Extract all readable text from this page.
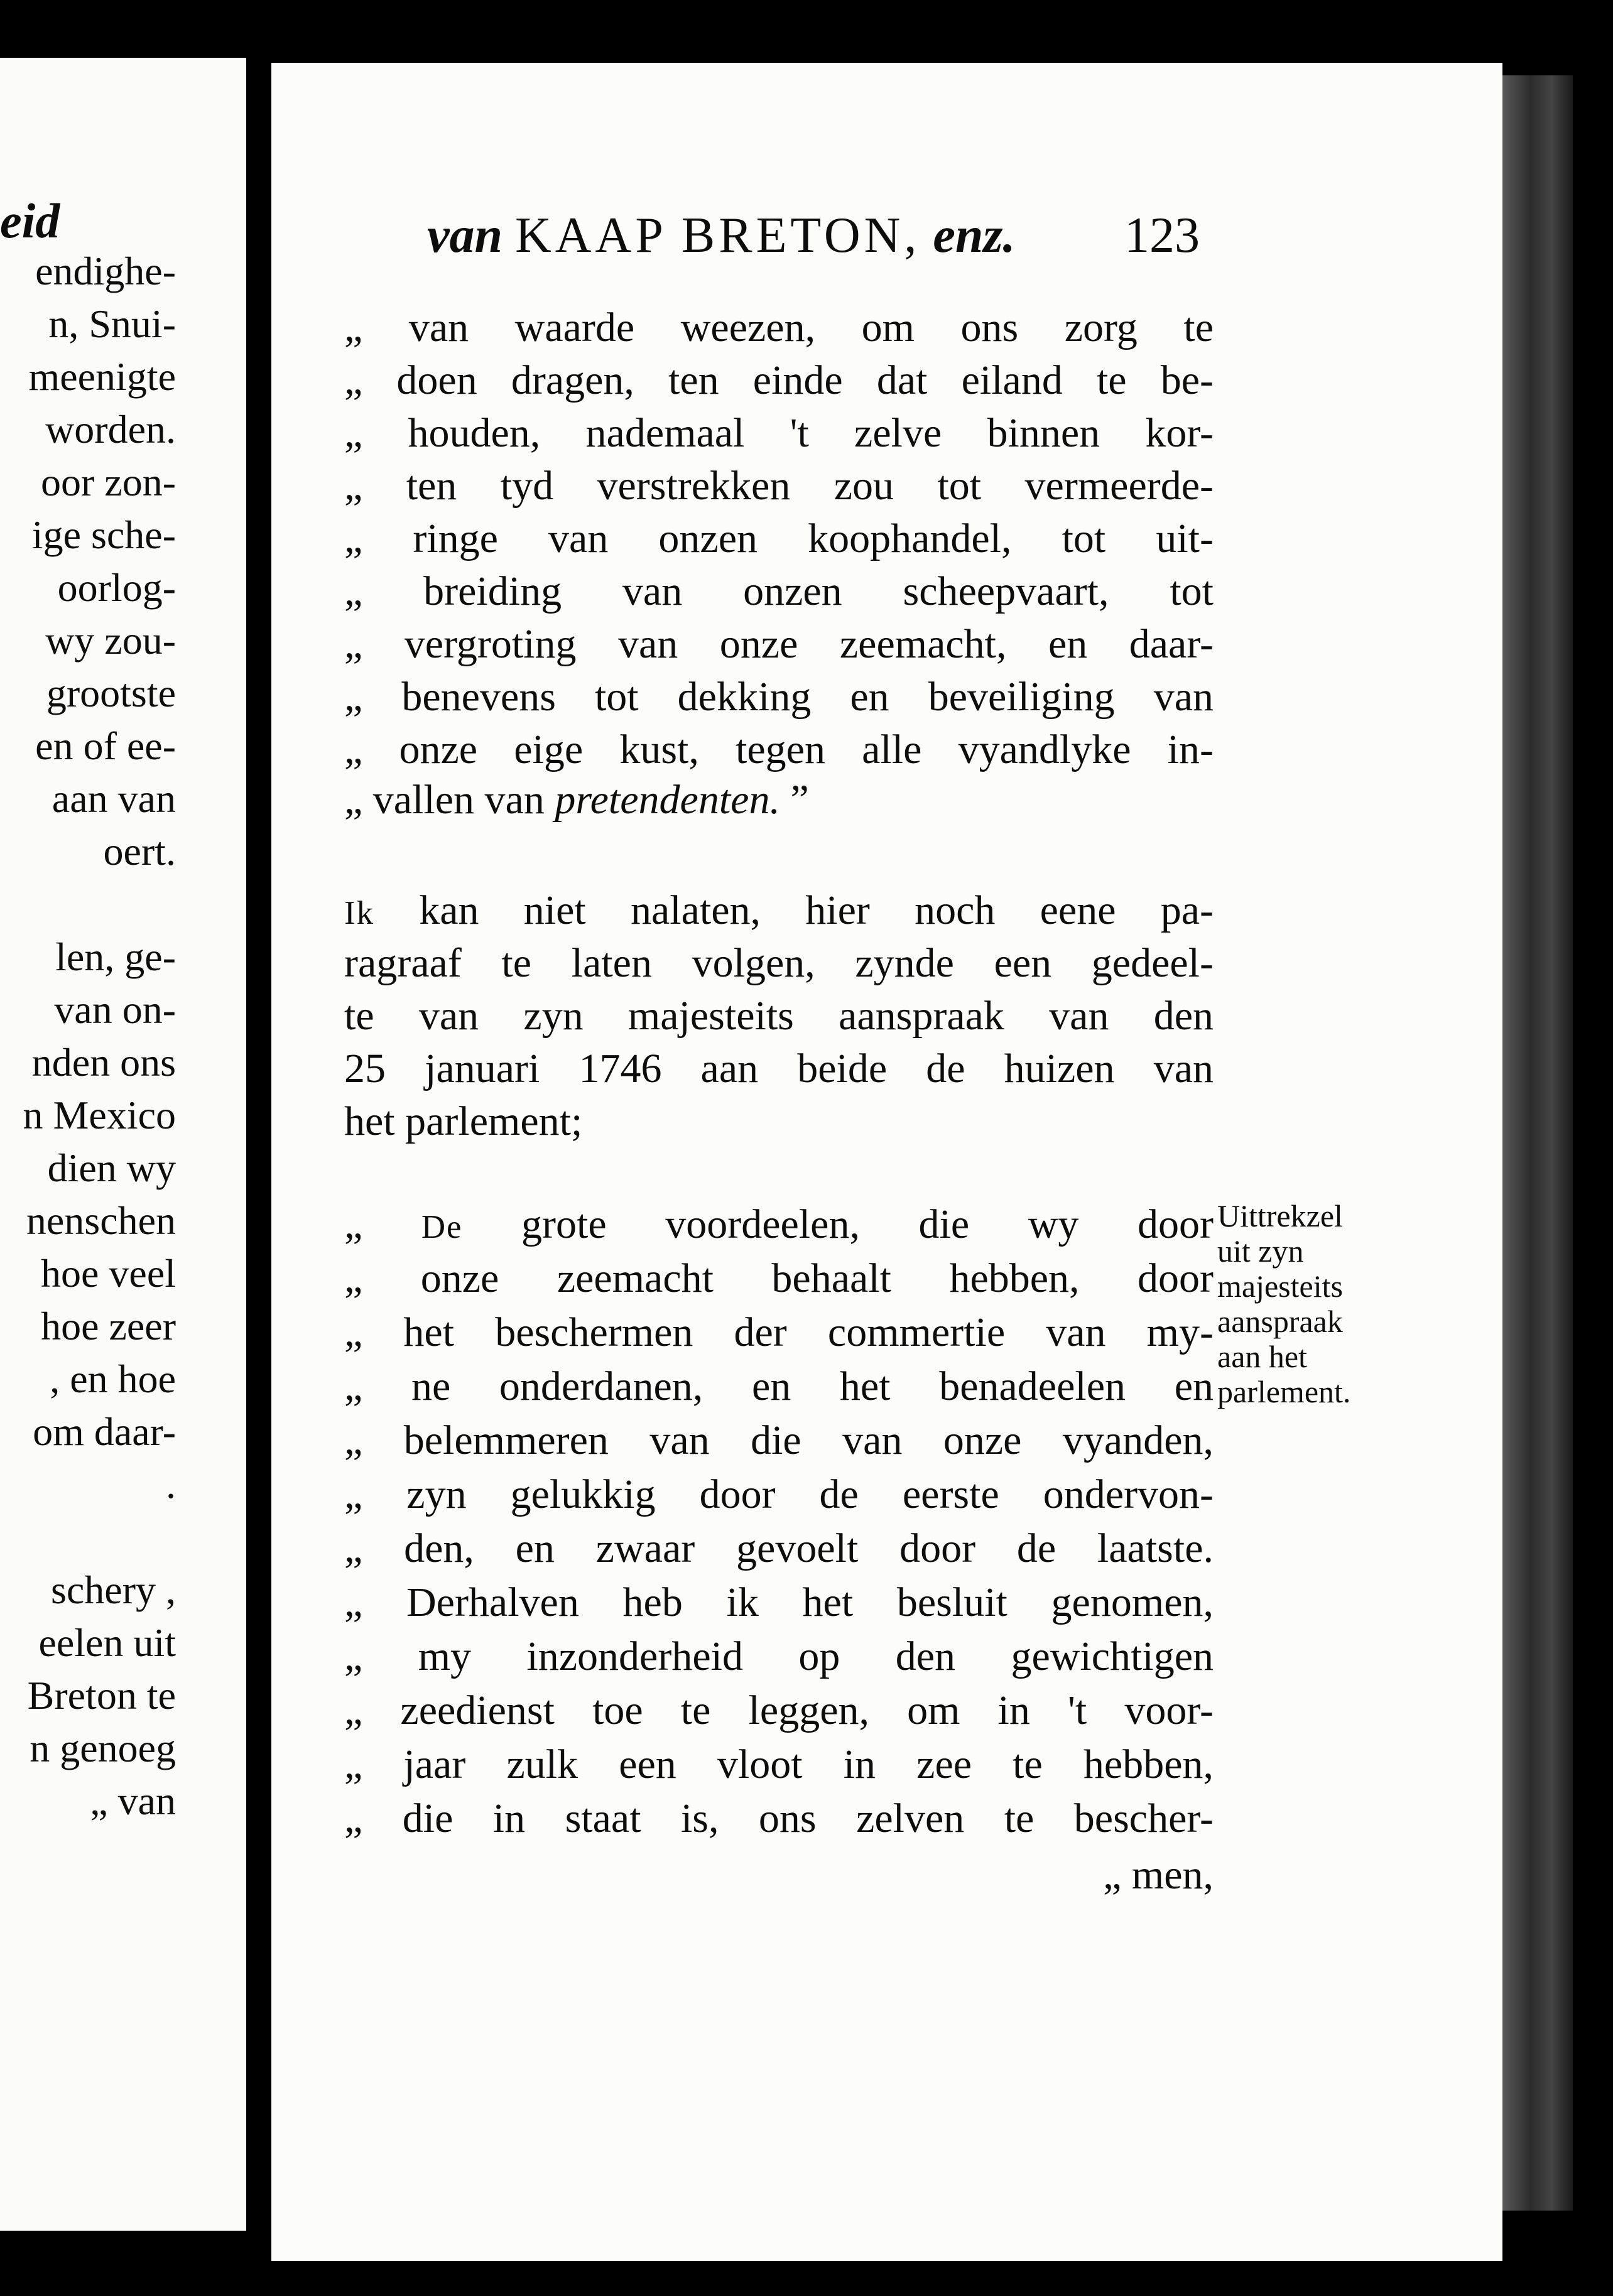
eid
endighe-
n, Snui-
meenigte
worden.
oor zon-
ige sche-
oorlog-
wy zou-
grootste
en of ee-
aan van
oert.
len, ge-
van on-
nden ons
n Mexico
dien wy
nenschen
hoe veel
hoe zeer
, en hoe
om daar-
.
schery ,
eelen uit
Breton te
n genoeg
„ van
van KAAP BRETON, enz.	123
„ van waarde weezen, om ons zorg te
„ doen dragen, ten einde dat eiland te be-
„ houden, nademaal 't zelve binnen kor-
„ ten tyd verstrekken zou tot vermeerde-
„ ringe van onzen koophandel, tot uit-
„ breiding van onzen scheepvaart, tot
„ vergroting van onze zeemacht, en daar-
„ benevens tot dekking en beveiliging van
„ onze eige kust, tegen alle vyandlyke in-
„ vallen van pretendenten. ”
Ik kan niet nalaten, hier noch eene pa-
ragraaf te laten volgen, zynde een gedeel-
te van zyn majesteits aanspraak van den
25 januari 1746 aan beide de huizen van
het parlement;
„ De grote voordeelen, die wy door
„ onze zeemacht behaalt hebben, door
„ het beschermen der commertie van my-
„ ne onderdanen, en het benadeelen en
„ belemmeren van die van onze vyanden,
„ zyn gelukkig door de eerste ondervon-
„ den, en zwaar gevoelt door de laatste.
„ Derhalven heb ik het besluit genomen,
„ my inzonderheid op den gewichtigen
„ zeedienst toe te leggen, om in 't voor-
„ jaar zulk een vloot in zee te hebben,
„ die in staat is, ons zelven te bescher-
„ men,
Uittrekzel
uit zyn
majesteits
aanspraak
aan het
parlement.
